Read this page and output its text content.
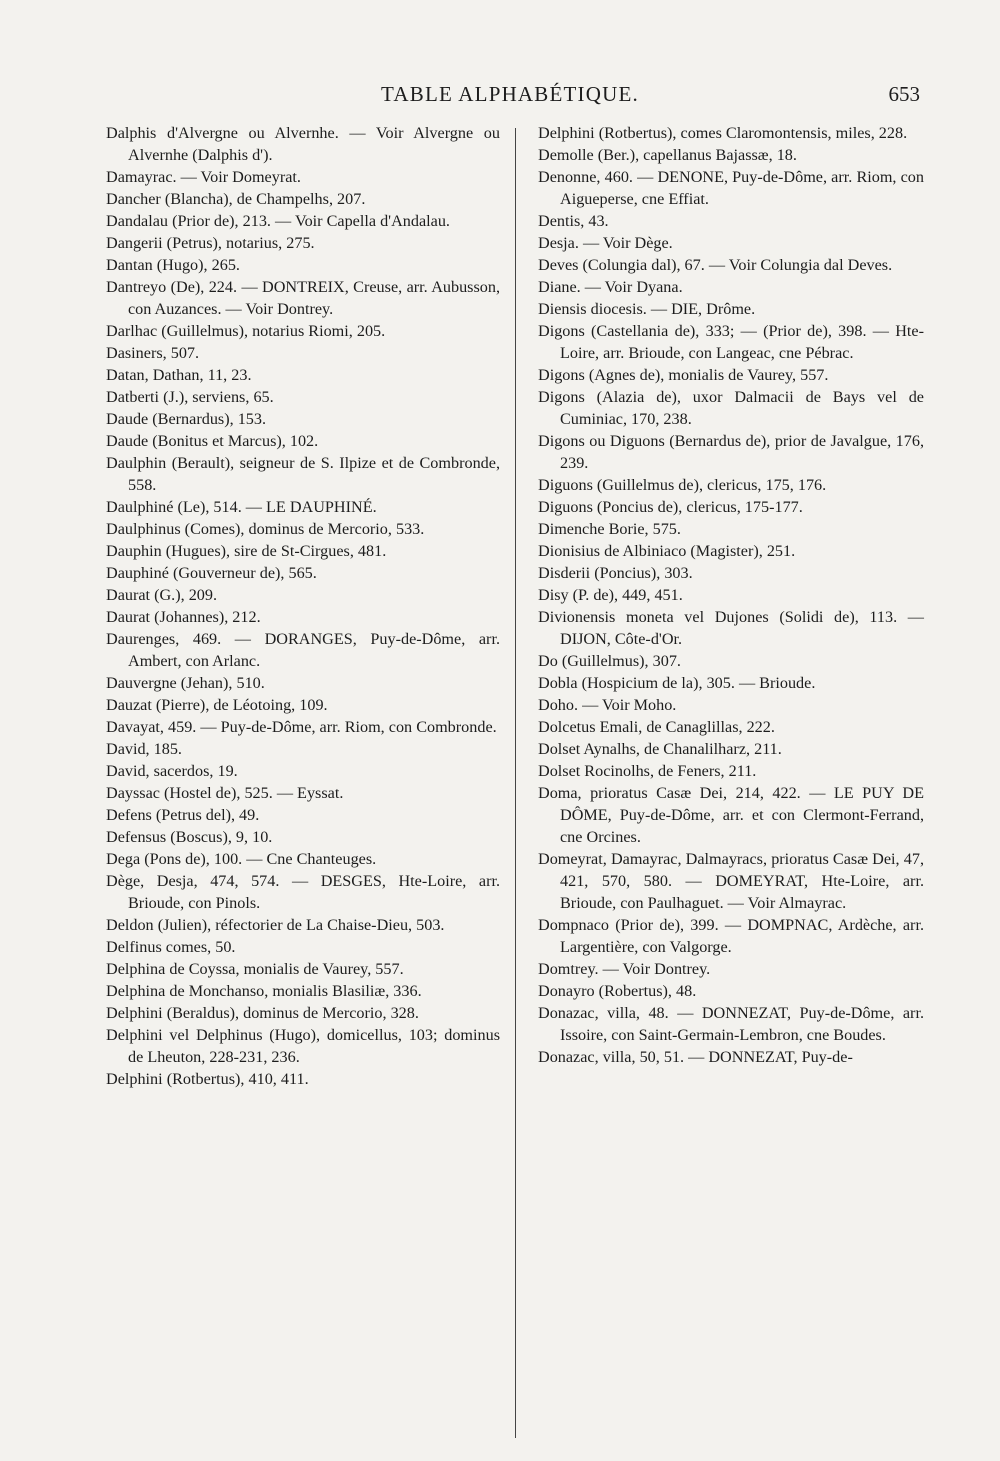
TABLE ALPHABÉTIQUE.	653
Dalphis d'Alvergne ou Alvernhe. — Voir Alvergne ou Alvernhe (Dalphis d').
Damayrac. — Voir Domeyrat.
Dancher (Blancha), de Champelhs, 207.
Dandalau (Prior de), 213. — Voir Capella d'Andalau.
Dangerii (Petrus), notarius, 275.
Dantan (Hugo), 265.
Dantreyo (De), 224. — DONTREIX, Creuse, arr. Aubusson, con Auzances. — Voir Dontrey.
Darlhac (Guillelmus), notarius Riomi, 205.
Dasiners, 507.
Datan, Dathan, 11, 23.
Datberti (J.), serviens, 65.
Daude (Bernardus), 153.
Daude (Bonitus et Marcus), 102.
Daulphin (Berault), seigneur de S. Ilpize et de Combronde, 558.
Daulphiné (Le), 514. — LE DAUPHINÉ.
Daulphinus (Comes), dominus de Mercorio, 533.
Dauphin (Hugues), sire de St-Cirgues, 481.
Dauphiné (Gouverneur de), 565.
Daurat (G.), 209.
Daurat (Johannes), 212.
Daurenges, 469. — DORANGES, Puy-de-Dôme, arr. Ambert, con Arlanc.
Dauvergne (Jehan), 510.
Dauzat (Pierre), de Léotoing, 109.
Davayat, 459. — Puy-de-Dôme, arr. Riom, con Combronde.
David, 185.
David, sacerdos, 19.
Dayssac (Hostel de), 525. — Eyssat.
Defens (Petrus del), 49.
Defensus (Boscus), 9, 10.
Dega (Pons de), 100. — Cne Chanteuges.
Dège, Desja, 474, 574. — DESGES, Hte-Loire, arr. Brioude, con Pinols.
Deldon (Julien), réfectorier de La Chaise-Dieu, 503.
Delfinus comes, 50.
Delphina de Coyssa, monialis de Vaurey, 557.
Delphina de Monchanso, monialis Blasiliæ, 336.
Delphini (Beraldus), dominus de Mercorio, 328.
Delphini vel Delphinus (Hugo), domicellus, 103; dominus de Lheuton, 228-231, 236.
Delphini (Rotbertus), 410, 411.
Delphini (Rotbertus), comes Claromontensis, miles, 228.
Demolle (Ber.), capellanus Bajassæ, 18.
Denonne, 460. — DENONE, Puy-de-Dôme, arr. Riom, con Aigueperse, cne Effiat.
Dentis, 43.
Desja. — Voir Dège.
Deves (Colungia dal), 67. — Voir Colungia dal Deves.
Diane. — Voir Dyana.
Diensis diocesis. — DIE, Drôme.
Digons (Castellania de), 333; — (Prior de), 398. — Hte-Loire, arr. Brioude, con Langeac, cne Pébrac.
Digons (Agnes de), monialis de Vaurey, 557.
Digons (Alazia de), uxor Dalmacii de Bays vel de Cuminiac, 170, 238.
Digons ou Diguons (Bernardus de), prior de Javalgue, 176, 239.
Diguons (Guillelmus de), clericus, 175, 176.
Diguons (Poncius de), clericus, 175-177.
Dimenche Borie, 575.
Dionisius de Albiniaco (Magister), 251.
Disderii (Poncius), 303.
Disy (P. de), 449, 451.
Divionensis moneta vel Dujones (Solidi de), 113. — DIJON, Côte-d'Or.
Do (Guillelmus), 307.
Dobla (Hospicium de la), 305. — Brioude.
Doho. — Voir Moho.
Dolcetus Emali, de Canaglillas, 222.
Dolset Aynalhs, de Chanalilharz, 211.
Dolset Rocinolhs, de Feners, 211.
Doma, prioratus Casæ Dei, 214, 422. — LE PUY DE DÔME, Puy-de-Dôme, arr. et con Clermont-Ferrand, cne Orcines.
Domeyrat, Damayrac, Dalmayracs, prioratus Casæ Dei, 47, 421, 570, 580. — DOMEYRAT, Hte-Loire, arr. Brioude, con Paulhaguet. — Voir Almayrac.
Dompnaco (Prior de), 399. — DOMPNAC, Ardèche, arr. Largentière, con Valgorge.
Domtrey. — Voir Dontrey.
Donayro (Robertus), 48.
Donazac, villa, 48. — DONNEZAT, Puy-de-Dôme, arr. Issoire, con Saint-Germain-Lembron, cne Boudes.
Donazac, villa, 50, 51. — DONNEZAT, Puy-de-
